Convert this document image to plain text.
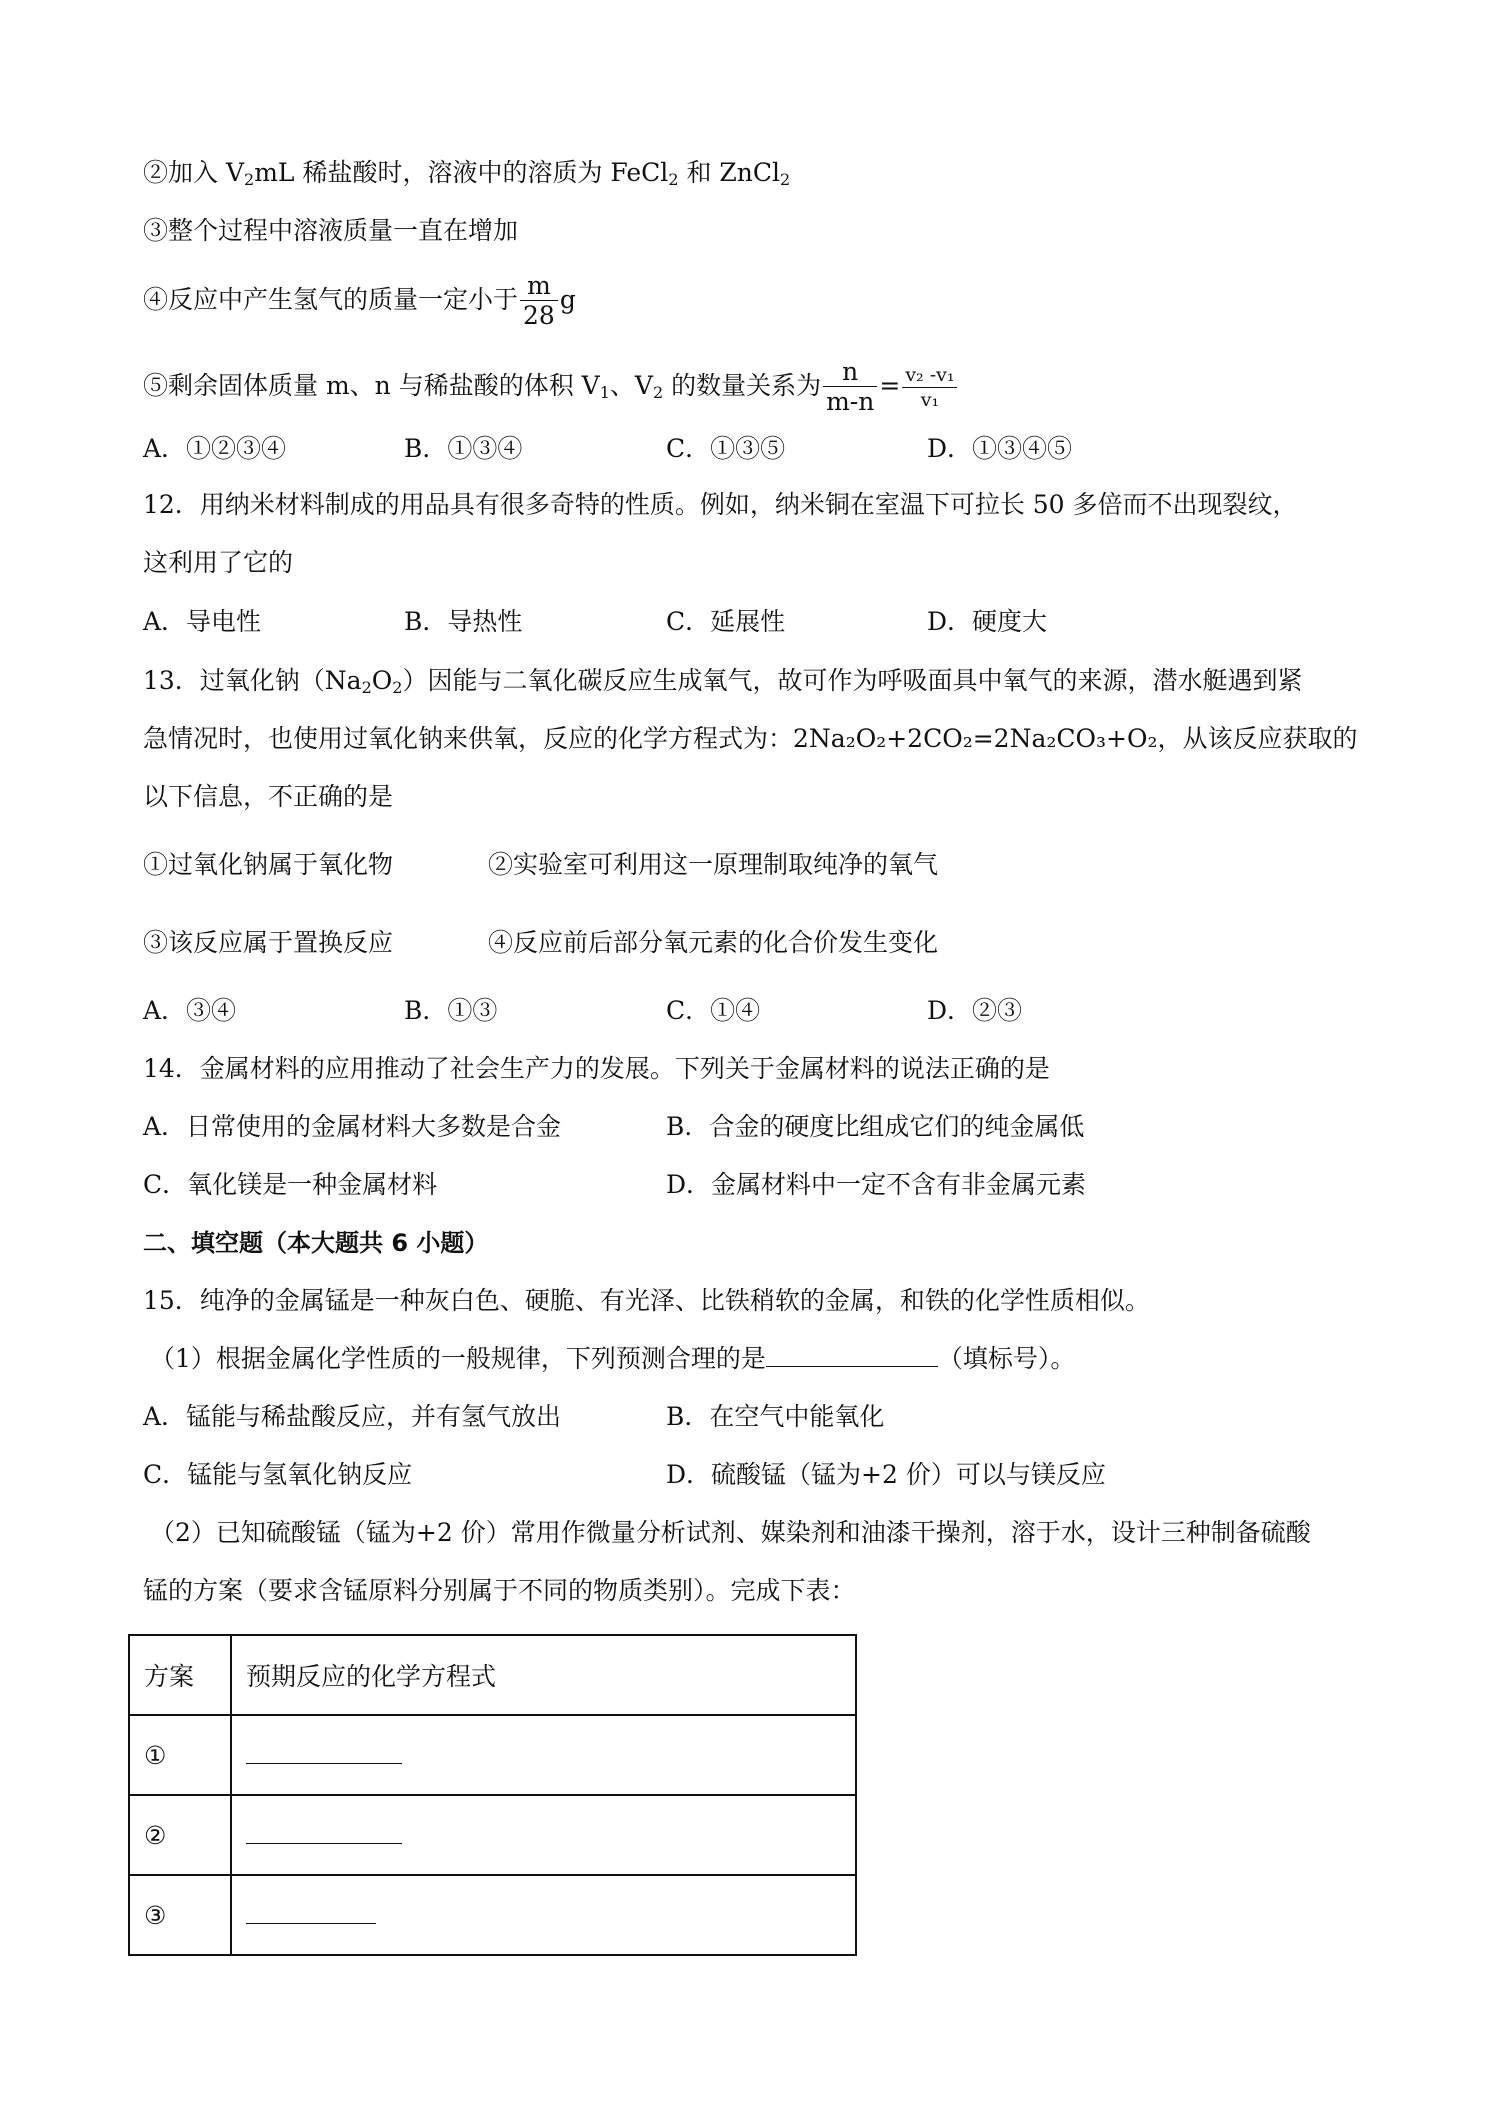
②加入 $V_2mL$ 稀盐酸时，溶液中的溶质为 FeCl$_2$ 和 ZnCl$_2$
③整个过程中溶液质量一直在增加
④反应中产生氢气的质量一定小于 $\frac{m}{28}$ g
⑤剩余固体质量 m、n 与稀盐酸的体积 $V_1$、$V_2$ 的数量关系为 $\frac{n}{m-n} = \frac{\text{v₂ -v₁}}{\text{v₁}}$
A．①②③④	B．①③④	C．①③⑤	D．①③④⑤
12．用纳米材料制成的用品具有很多奇特的性质。例如，纳米铜在室温下可拉长 50 多倍而不出现裂纹，
这利用了它的
A．导电性	B．导热性	C．延展性	D．硬度大
13．过氧化钠$(Na_2O_2)$因能与二氧化碳反应生成氧气，故可作为呼吸面具中氧气的来源，潜水艇遇到紧
急情况时，也使用过氧化钠来供氧，反应的化学方程式为：2Na₂O₂+2CO₂=2Na₂CO₃+O₂，从该反应获取的
以下信息，不正确的是
①过氧化钠属于氧化物	②实验室可利用这一原理制取纯净的氧气
③该反应属于置换反应	④反应前后部分氧元素的化合价发生变化
A．③④	B．①③	C．①④	D．②③
14．金属材料的应用推动了社会生产力的发展。下列关于金属材料的说法正确的是
A．日常使用的金属材料大多数是合金	B．合金的硬度比组成它们的纯金属低
C．氧化镁是一种金属材料	D．金属材料中一定不含有非金属元素
二、填空题（本大题共 6 小题）
15．纯净的金属锰是一种灰白色、硬脆、有光泽、比铁稍软的金属，和铁的化学性质相似。
（1）根据金属化学性质的一般规律，下列预测合理的是	（填标号）。
A．锰能与稀盐酸反应，并有氢气放出	B．在空气中能氧化
C．锰能与氢氧化钠反应	D．硫酸锰（锰为+2 价）可以与镁反应
（2）已知硫酸锰（锰为+2 价）常用作微量分析试剂、媒染剂和油漆干操剂，溶于水，设计三种制备硫酸
锰的方案（要求含锰原料分别属于不同的物质类别）。完成下表：
方案	预期反应的化学方程式
①	
②	
③	
